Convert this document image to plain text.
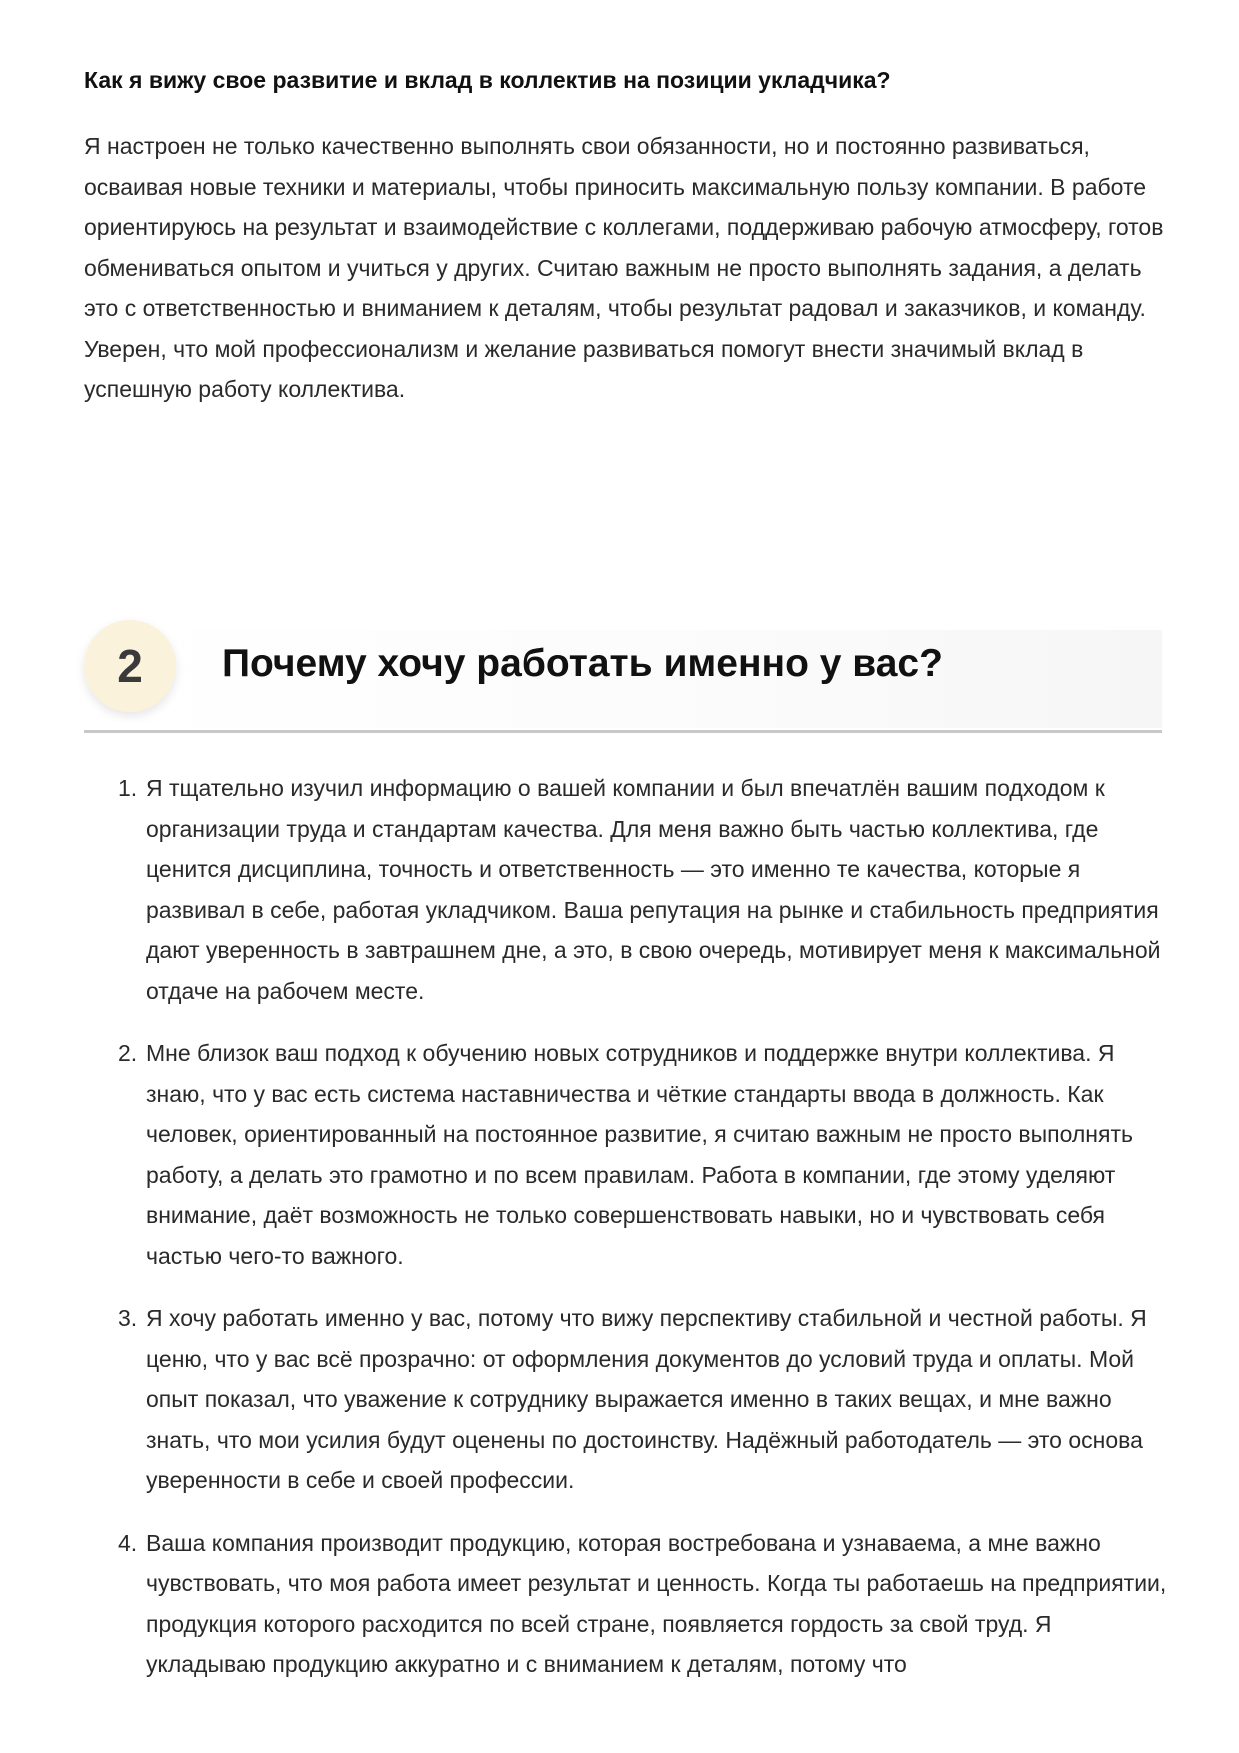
Как я вижу свое развитие и вклад в коллектив на позиции укладчика?

Я настроен не только качественно выполнять свои обязанности, но и постоянно развиваться, осваивая новые техники и материалы, чтобы приносить максимальную пользу компании. В работе ориентируюсь на результат и взаимодействие с коллегами, поддерживаю рабочую атмосферу, готов обмениваться опытом и учиться у других. Считаю важным не просто выполнять задания, а делать это с ответственностью и вниманием к деталям, чтобы результат радовал и заказчиков, и команду. Уверен, что мой профессионализм и желание развиваться помогут внести значимый вклад в успешную работу коллектива.

2	Почему хочу работать именно у вас?
1. Я тщательно изучил информацию о вашей компании и был впечатлён вашим подходом к организации труда и стандартам качества. Для меня важно быть частью коллектива, где ценится дисциплина, точность и ответственность — это именно те качества, которые я развивал в себе, работая укладчиком. Ваша репутация на рынке и стабильность предприятия дают уверенность в завтрашнем дне, а это, в свою очередь, мотивирует меня к максимальной отдаче на рабочем месте.
2. Мне близок ваш подход к обучению новых сотрудников и поддержке внутри коллектива. Я знаю, что у вас есть система наставничества и чёткие стандарты ввода в должность. Как человек, ориентированный на постоянное развитие, я считаю важным не просто выполнять работу, а делать это грамотно и по всем правилам. Работа в компании, где этому уделяют внимание, даёт возможность не только совершенствовать навыки, но и чувствовать себя частью чего-то важного.
3. Я хочу работать именно у вас, потому что вижу перспективу стабильной и честной работы. Я ценю, что у вас всё прозрачно: от оформления документов до условий труда и оплаты. Мой опыт показал, что уважение к сотруднику выражается именно в таких вещах, и мне важно знать, что мои усилия будут оценены по достоинству. Надёжный работодатель — это основа уверенности в себе и своей профессии.
4. Ваша компания производит продукцию, которая востребована и узнаваема, а мне важно чувствовать, что моя работа имеет результат и ценность. Когда ты работаешь на предприятии, продукция которого расходится по всей стране, появляется гордость за свой труд. Я укладываю продукцию аккуратно и с вниманием к деталям, потому что
